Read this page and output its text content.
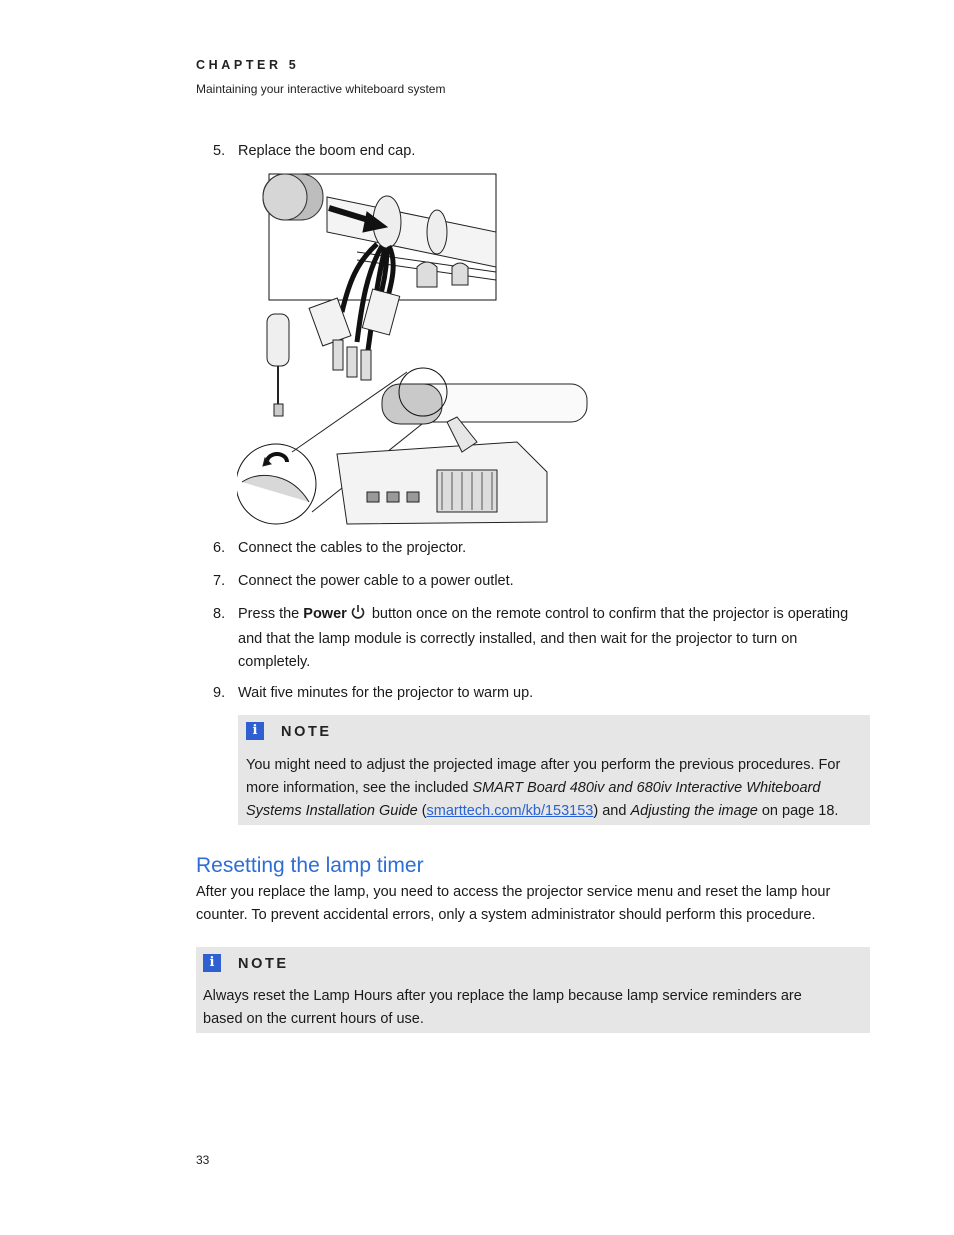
CHAPTER 5
Maintaining your interactive whiteboard system
5. Replace the boom end cap.
6. Connect the cables to the projector.
7. Connect the power cable to a power outlet.
8. Press the Power button once on the remote control to confirm that the projector is operating and that the lamp module is correctly installed, and then wait for the projector to turn on completely.
9. Wait five minutes for the projector to warm up.
i	NOTE
You might need to adjust the projected image after you perform the previous procedures. For more information, see the included SMART Board 480iv and 680iv Interactive Whiteboard Systems Installation Guide (smarttech.com/kb/153153) and Adjusting the image on page 18.
Resetting the lamp timer
After you replace the lamp, you need to access the projector service menu and reset the lamp hour counter. To prevent accidental errors, only a system administrator should perform this procedure.
i	NOTE
Always reset the Lamp Hours after you replace the lamp because lamp service reminders are based on the current hours of use.
33
